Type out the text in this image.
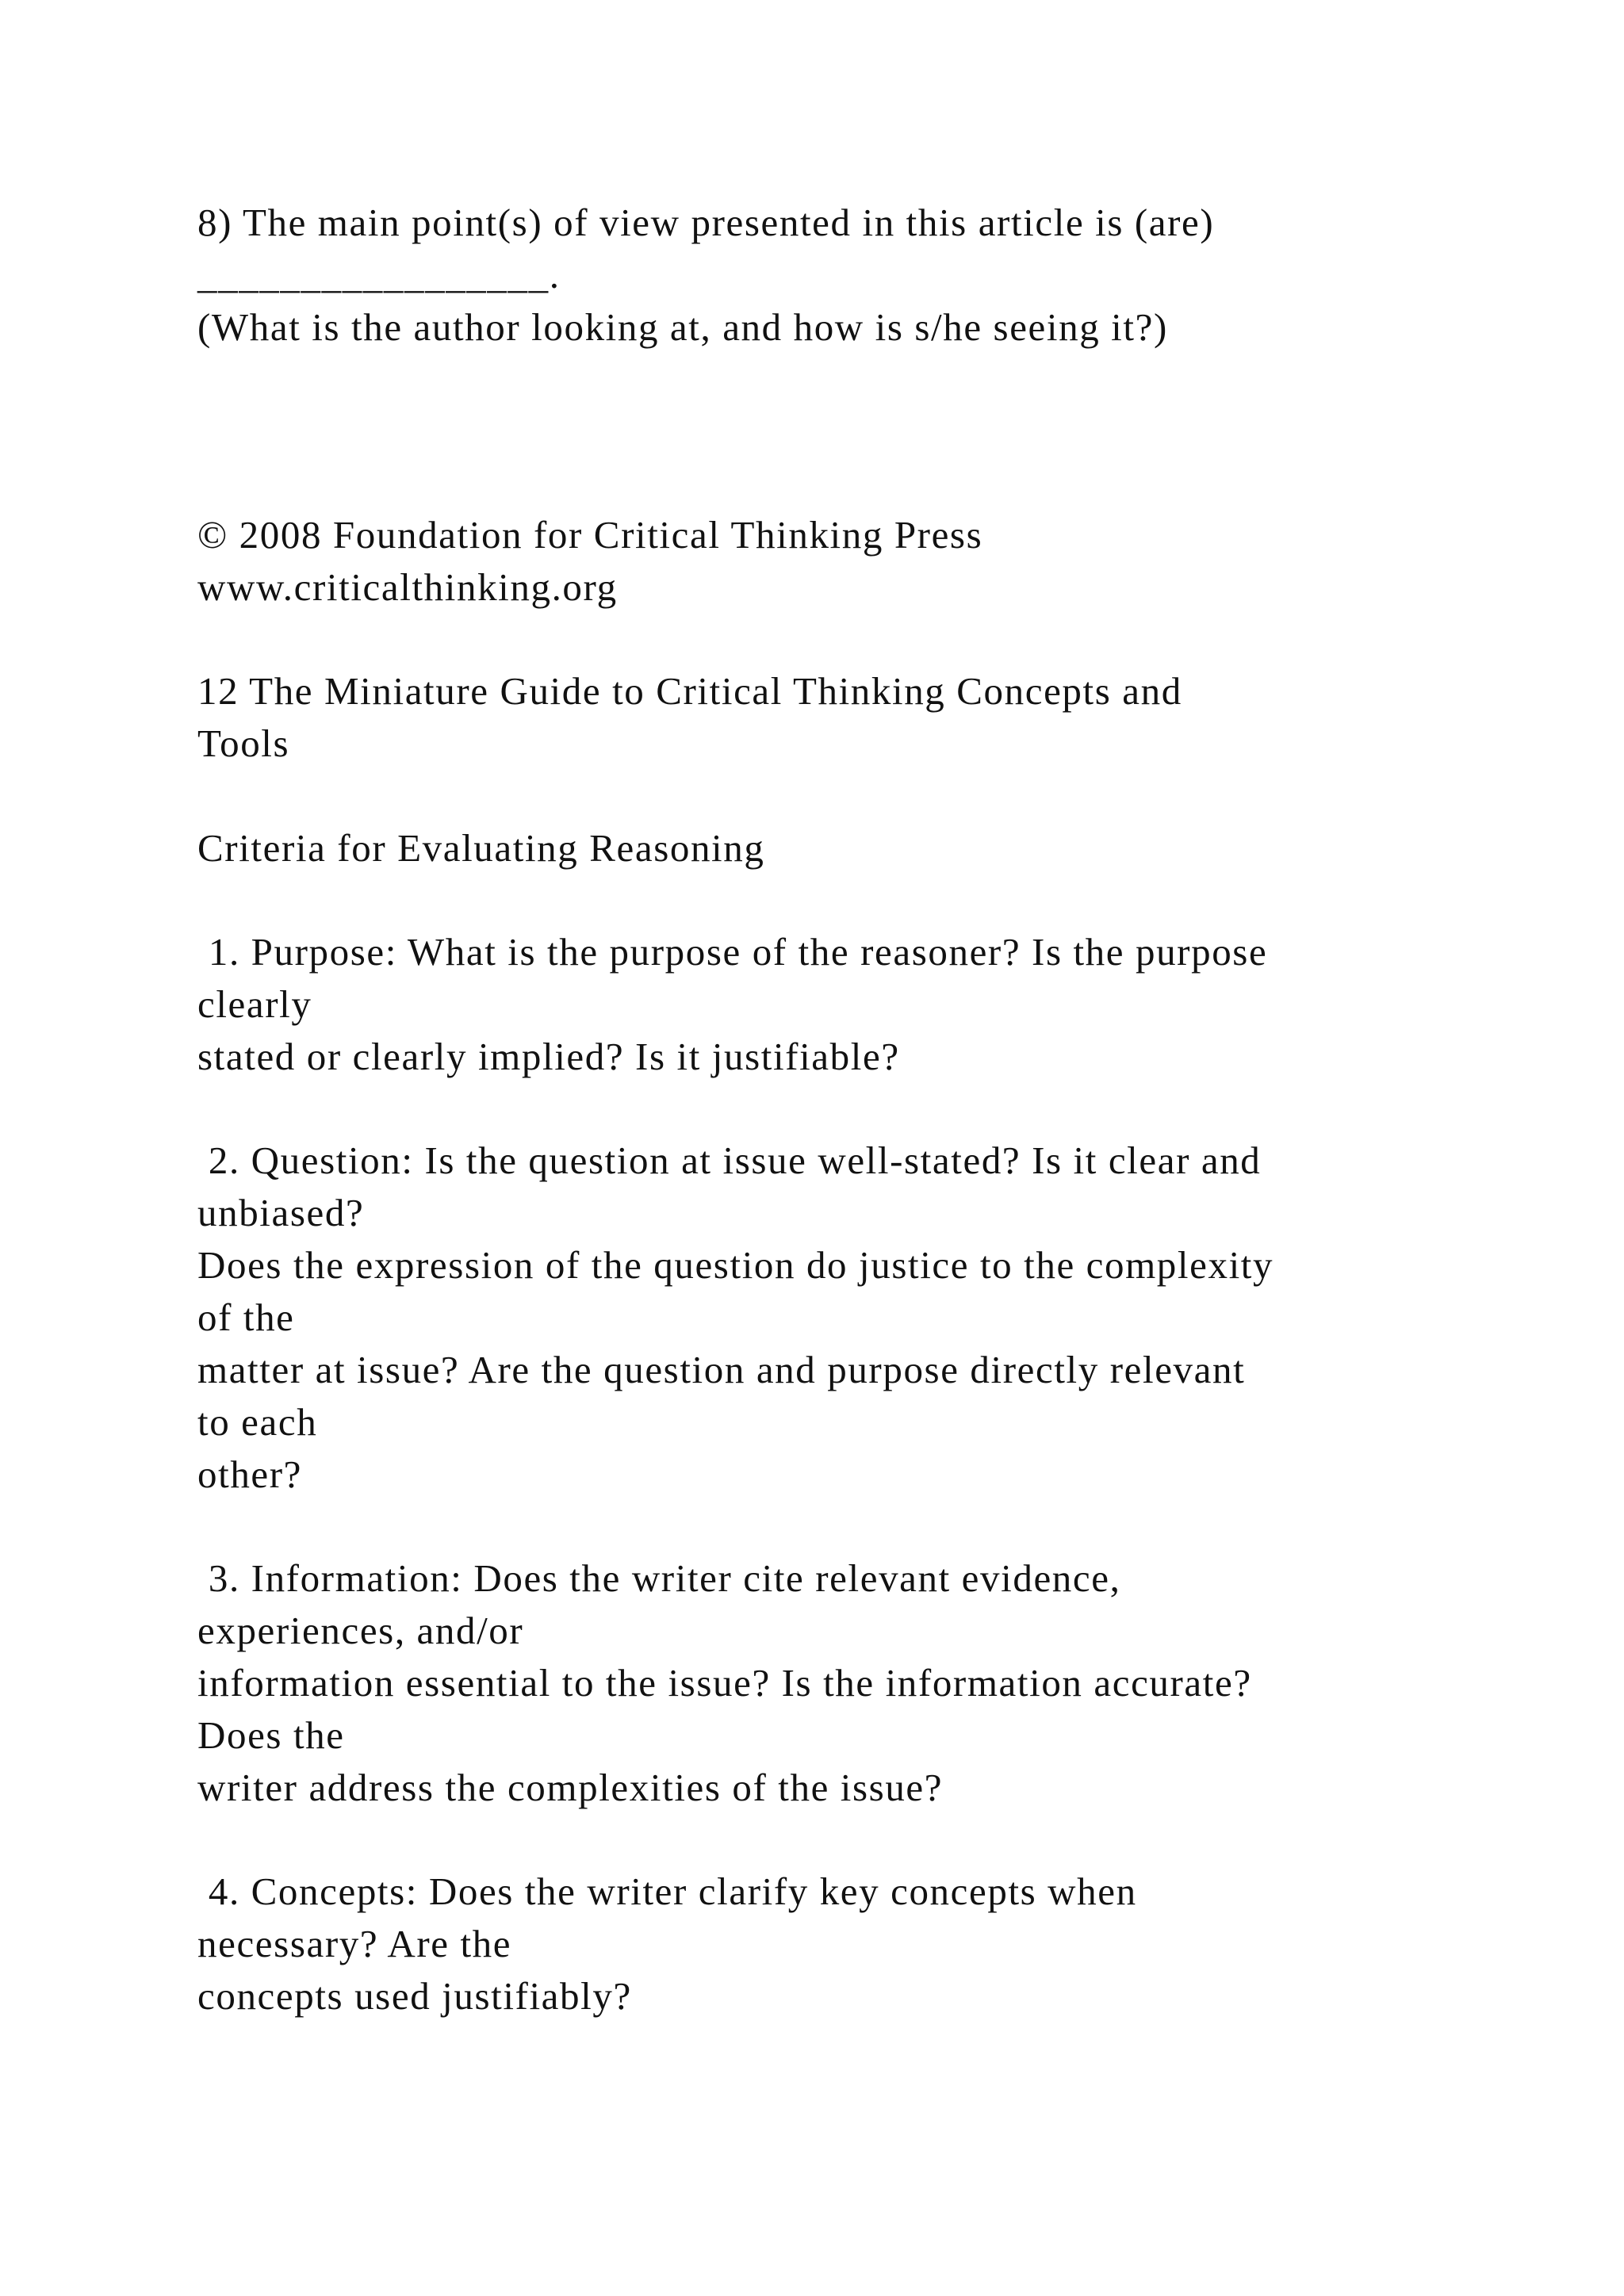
8) The main point(s) of view presented in this article is (are)

_________________.

(What is the author looking at, and how is s/he seeing it?)

© 2008 Foundation for Critical Thinking Press

www.criticalthinking.org

12 The Miniature Guide to Critical Thinking Concepts and

Tools

Criteria for Evaluating Reasoning

1. Purpose: What is the purpose of the reasoner? Is the purpose

clearly

stated or clearly implied? Is it justifiable?

2. Question: Is the question at issue well-stated? Is it clear and

unbiased?

Does the expression of the question do justice to the complexity

of the

matter at issue? Are the question and purpose directly relevant

to each

other?

3. Information: Does the writer cite relevant evidence,

experiences, and/or

information essential to the issue? Is the information accurate?

Does the

writer address the complexities of the issue?

4. Concepts: Does the writer clarify key concepts when

necessary? Are the

concepts used justifiably?
